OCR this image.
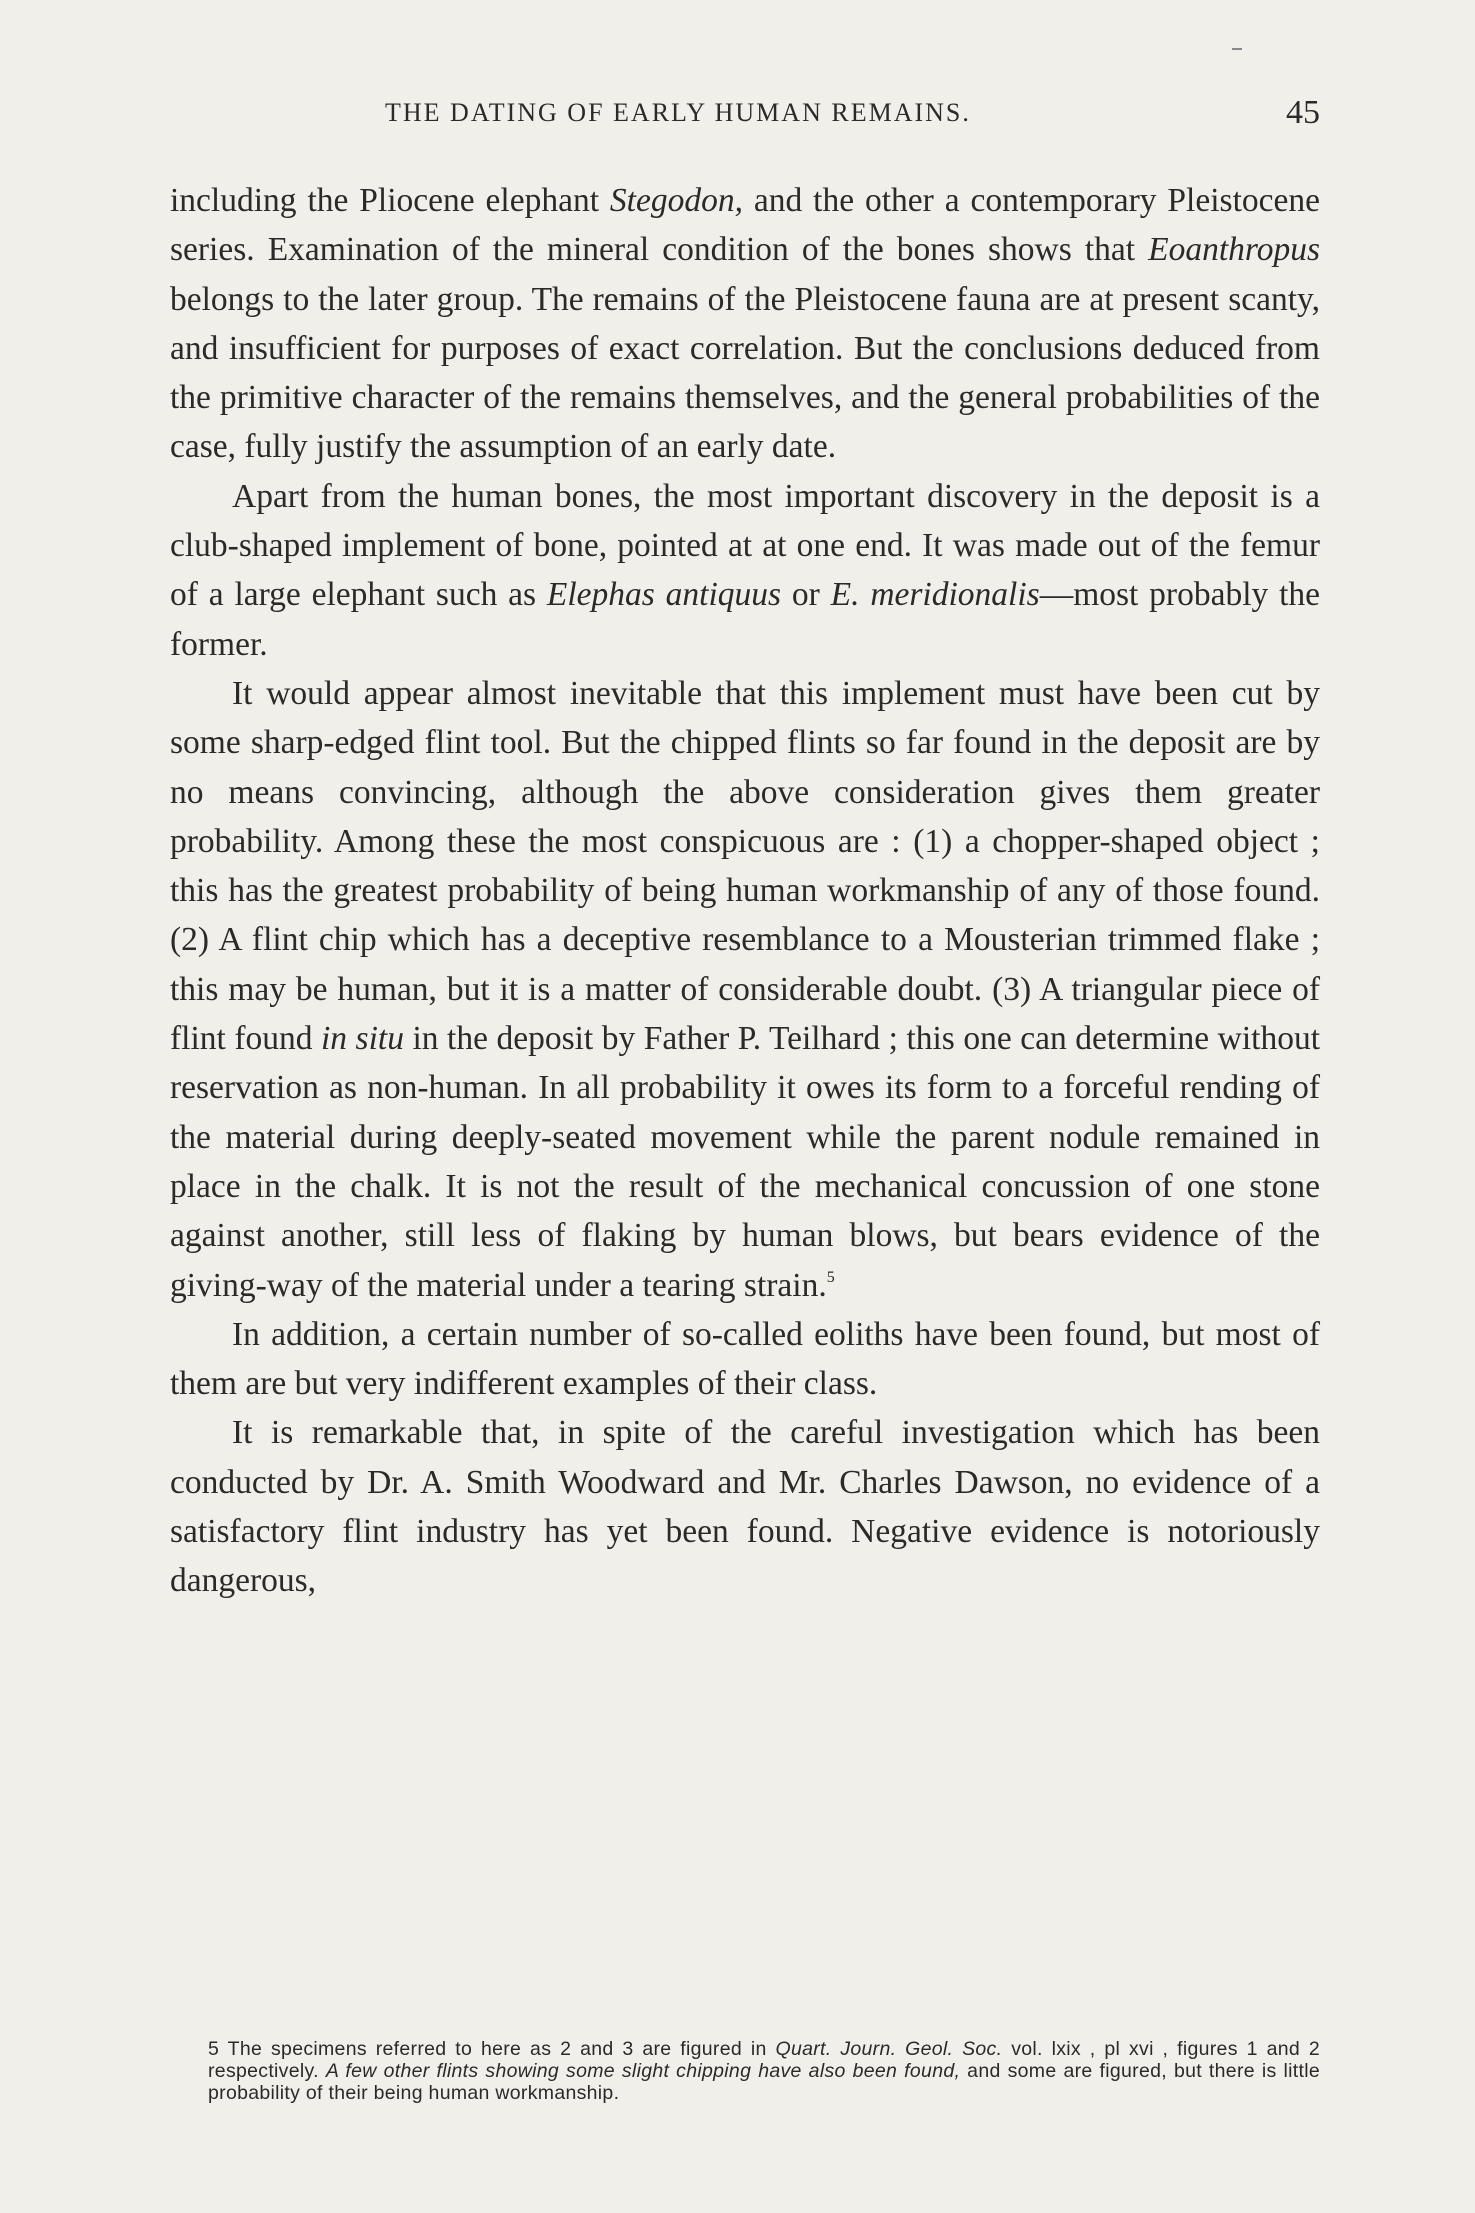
THE DATING OF EARLY HUMAN REMAINS.	45

including the Pliocene elephant Stegodon, and the other a contemporary Pleistocene series. Examination of the mineral condition of the bones shows that Eoanthropus belongs to the later group. The remains of the Pleistocene fauna are at present scanty, and insufficient for purposes of exact correlation. But the conclusions deduced from the primitive character of the remains themselves, and the general probabilities of the case, fully justify the assumption of an early date.

Apart from the human bones, the most important discovery in the deposit is a club-shaped implement of bone, pointed at at one end. It was made out of the femur of a large elephant such as Elephas antiquus or E. meridionalis—most probably the former.

It would appear almost inevitable that this implement must have been cut by some sharp-edged flint tool. But the chipped flints so far found in the deposit are by no means convincing, although the above consideration gives them greater probability. Among these the most conspicuous are : (1) a chopper-shaped object ; this has the greatest probability of being human workmanship of any of those found. (2) A flint chip which has a deceptive resemblance to a Mousterian trimmed flake ; this may be human, but it is a matter of considerable doubt. (3) A triangular piece of flint found in situ in the deposit by Father P. Teilhard ; this one can determine without reservation as non-human. In all probability it owes its form to a forceful rending of the material during deeply-seated movement while the parent nodule remained in place in the chalk. It is not the result of the mechanical concussion of one stone against another, still less of flaking by human blows, but bears evidence of the giving-way of the material under a tearing strain.$^5$

In addition, a certain number of so-called eoliths have been found, but most of them are but very indifferent examples of their class.

It is remarkable that, in spite of the careful investigation which has been conducted by Dr. A. Smith Woodward and Mr. Charles Dawson, no evidence of a satisfactory flint industry has yet been found. Negative evidence is notoriously dangerous,

5 The specimens referred to here as 2 and 3 are figured in Quart. Journ. Geol. Soc. vol. lxix , pl xvi , figures 1 and 2 respectively. A few other flints showing some slight chipping have also been found, and some are figured, but there is little probability of their being human workmanship.
